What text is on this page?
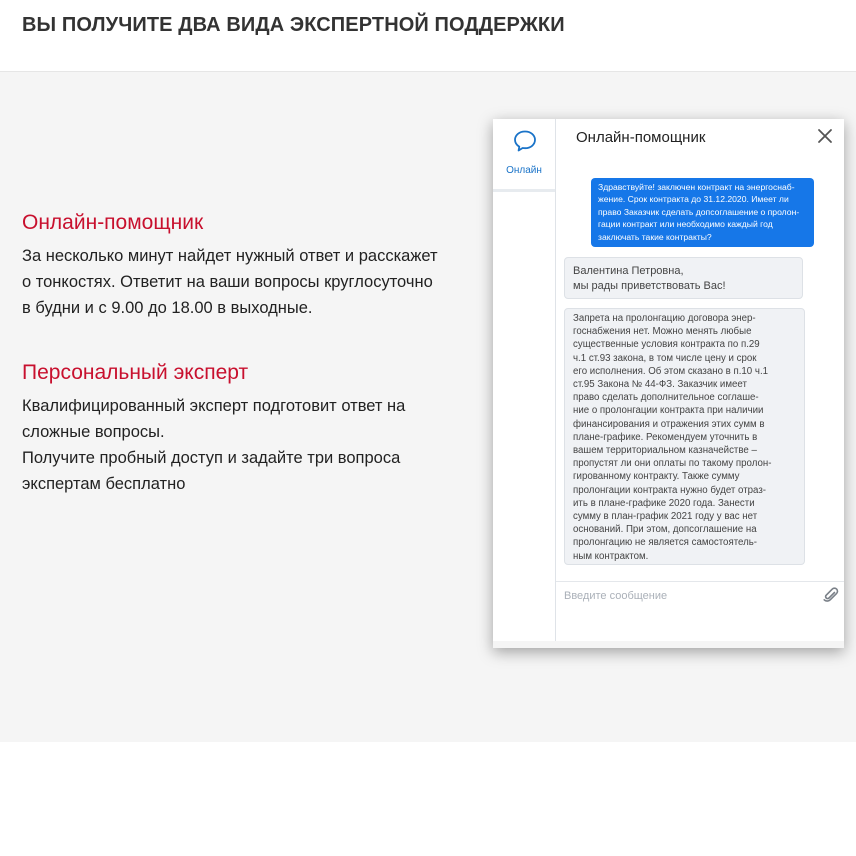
ВЫ ПОЛУЧИТЕ ДВА ВИДА ЭКСПЕРТНОЙ ПОДДЕРЖКИ
Онлайн-помощник

За несколько минут найдет нужный ответ и расскажет

о тонкостях. Ответит на ваши вопросы круглосуточно

в будни и с 9.00 до 18.00 в выходные.

Персональный эксперт

Квалифицированный эксперт подготовит ответ на

сложные вопросы.

Получите пробный доступ и задайте три вопроса

экспертам бесплатно

Онлайн
Онлайн-помощник
Здравствуйте! заключен контракт на энергоснаб-
жение. Срок контракта до 31.12.2020. Имеет ли
право Заказчик сделать допсоглашение о пролон-
гации контракт или необходимо каждый год
заключать такие контракты?
Валентина Петровна,
мы рады приветствовать Вас!
Запрета на пролонгацию договора энер-
госнабжения нет. Можно менять любые
существенные условия контракта по п.29
ч.1 ст.93 закона, в том числе цену и срок
его исполнения. Об этом сказано в п.10 ч.1
ст.95 Закона № 44-ФЗ. Заказчик имеет
право сделать дополнительное соглаше-
ние о пролонгации контракта при наличии
финансирования и отражения этих сумм в
плане-графике. Рекомендуем уточнить в
вашем территориальном казначействе –
пропустят ли они оплаты по такому пролон-
гированному контракту. Также сумму
пролонгации контракта нужно будет отраз-
ить в плане-графике 2020 года. Занести
сумму в план-график 2021 году у вас нет
оснований. При этом, допсоглашение на
пролонгацию не является самостоятель-
ным контрактом.
Введите сообщение
